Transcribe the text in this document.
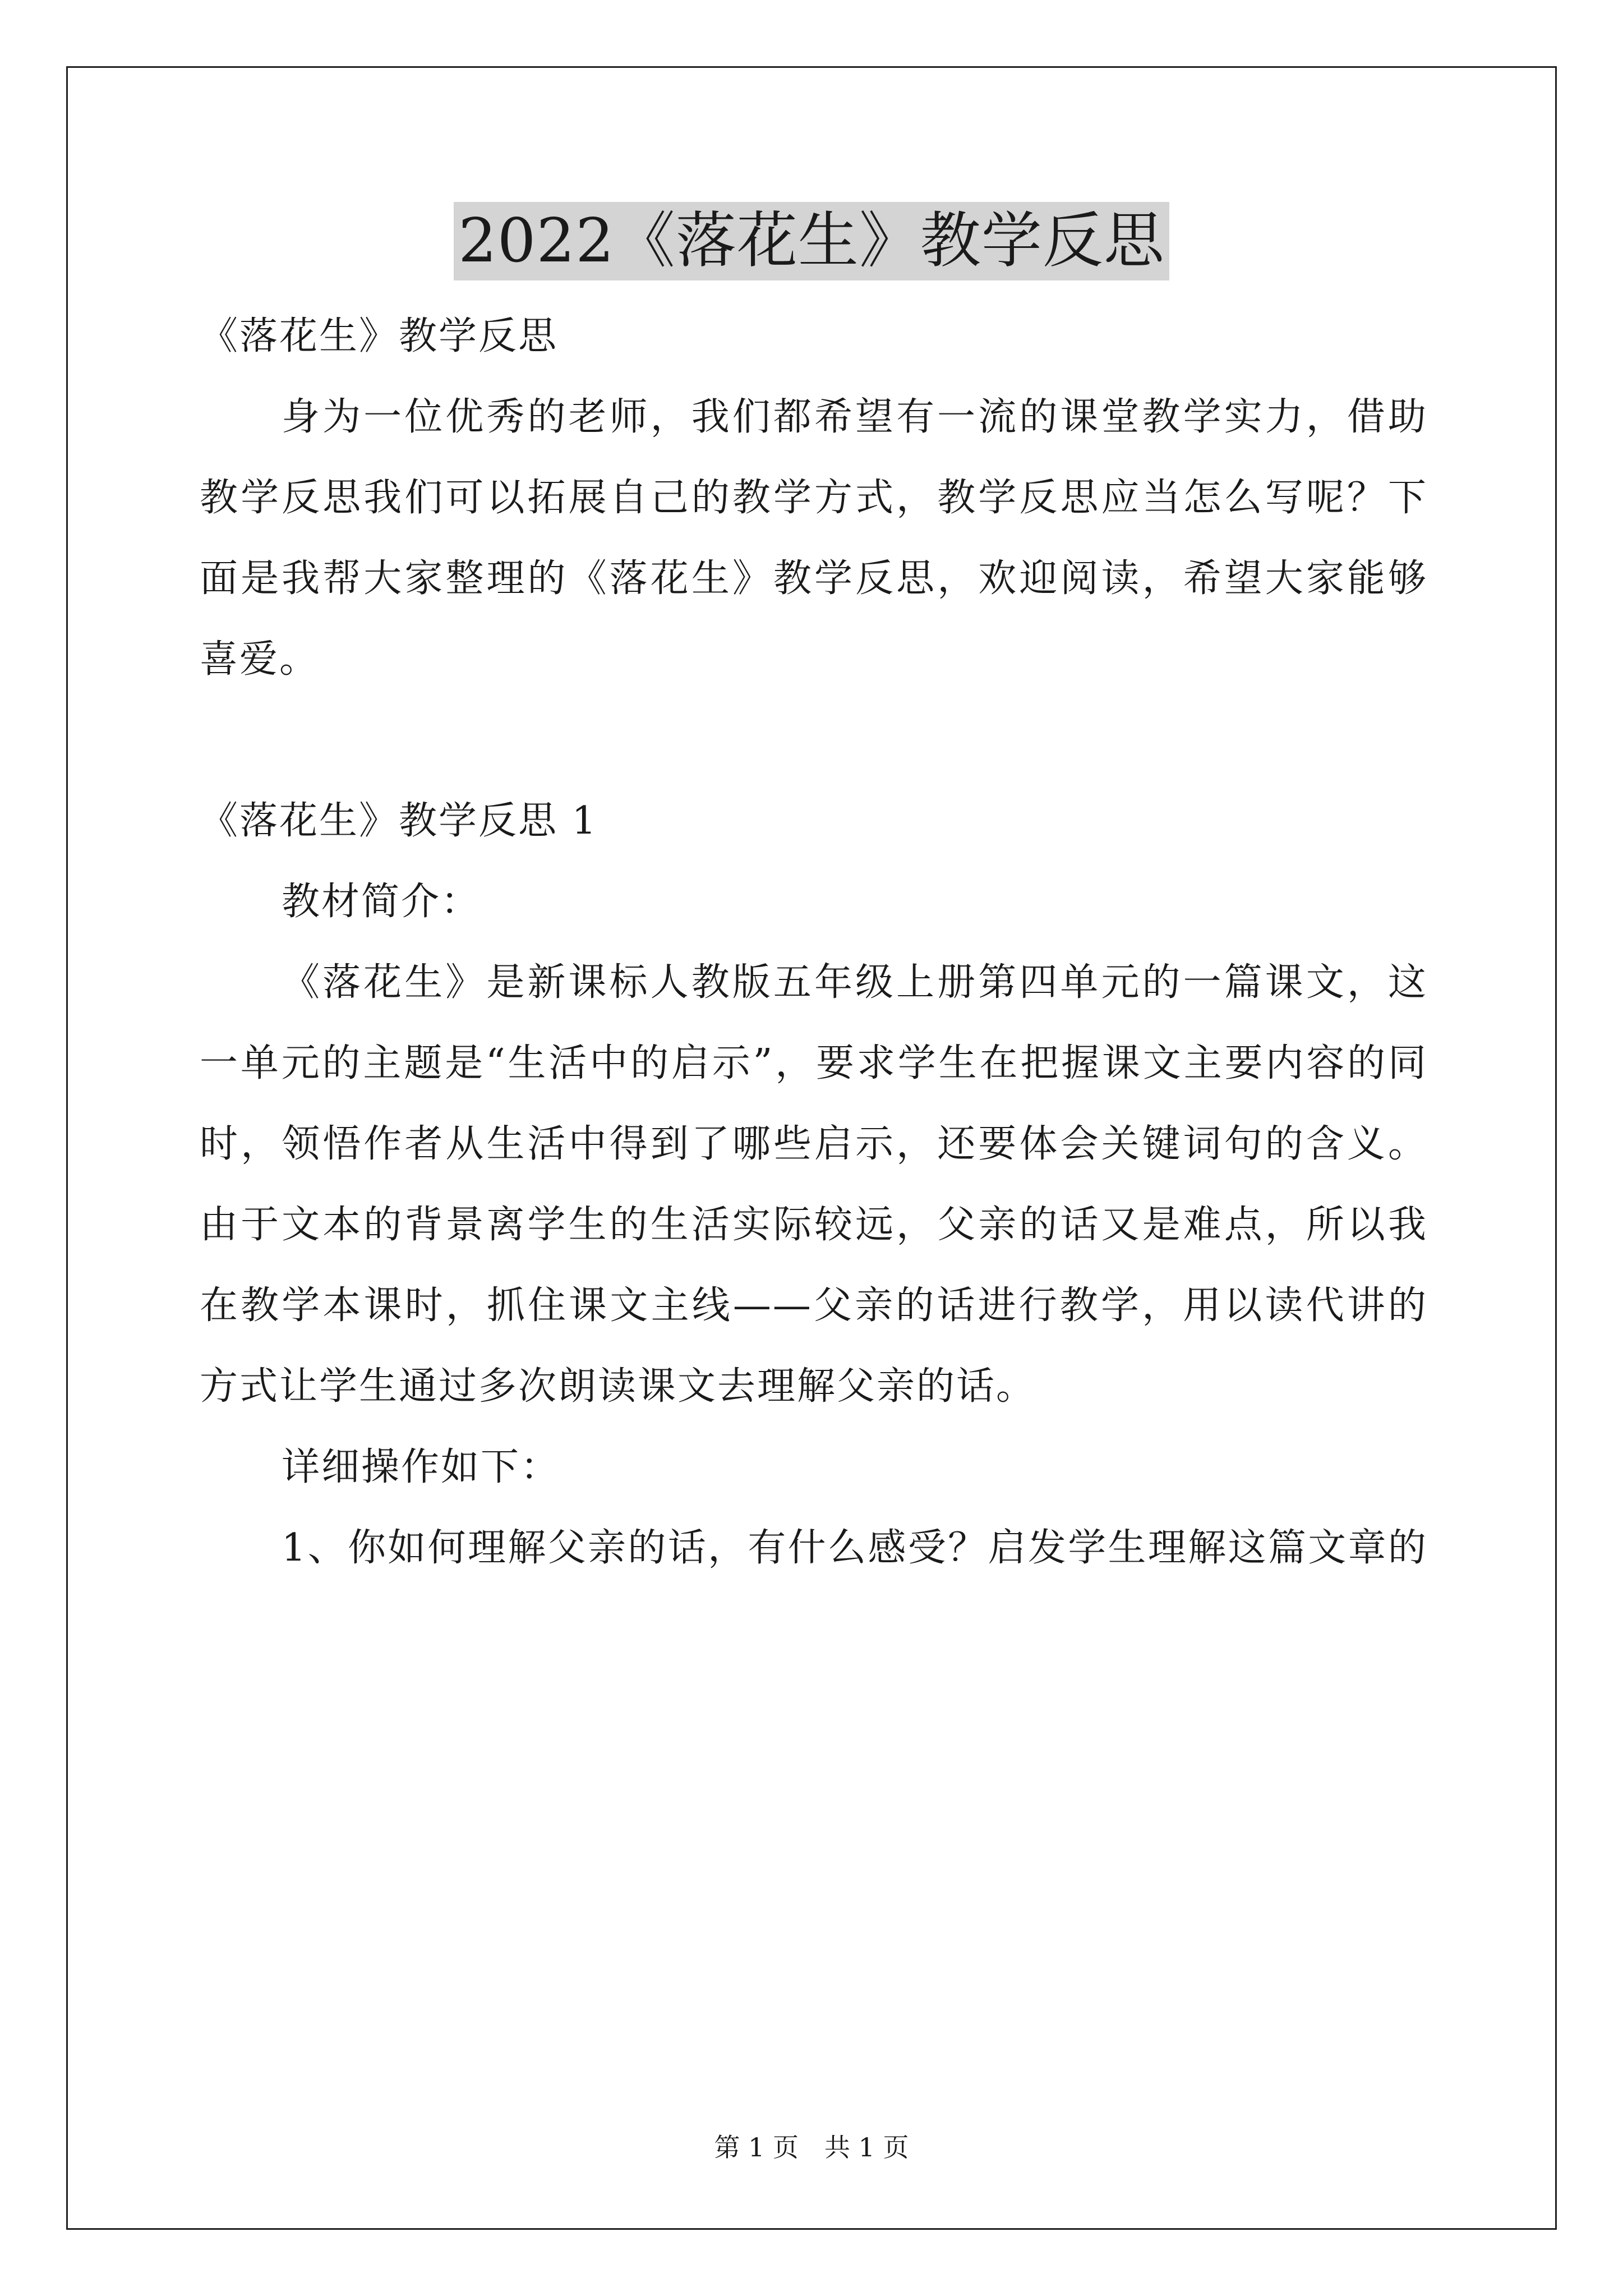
2022《落花生》教学反思
《落花生》教学反思
身为一位优秀的老师，我们都希望有一流的课堂教学实力，借助
教学反思我们可以拓展自己的教学方式，教学反思应当怎么写呢？下
面是我帮大家整理的《落花生》教学反思，欢迎阅读，希望大家能够
喜爱。
《落花生》教学反思 1
教材简介：
《落花生》是新课标人教版五年级上册第四单元的一篇课文，这
一单元的主题是“生活中的启示”，要求学生在把握课文主要内容的同
时，领悟作者从生活中得到了哪些启示，还要体会关键词句的含义。
由于文本的背景离学生的生活实际较远，父亲的话又是难点，所以我
在教学本课时，抓住课文主线——父亲的话进行教学，用以读代讲的
方式让学生通过多次朗读课文去理解父亲的话。
详细操作如下：
1、你如何理解父亲的话，有什么感受？启发学生理解这篇文章的
第 1 页 共 1 页
